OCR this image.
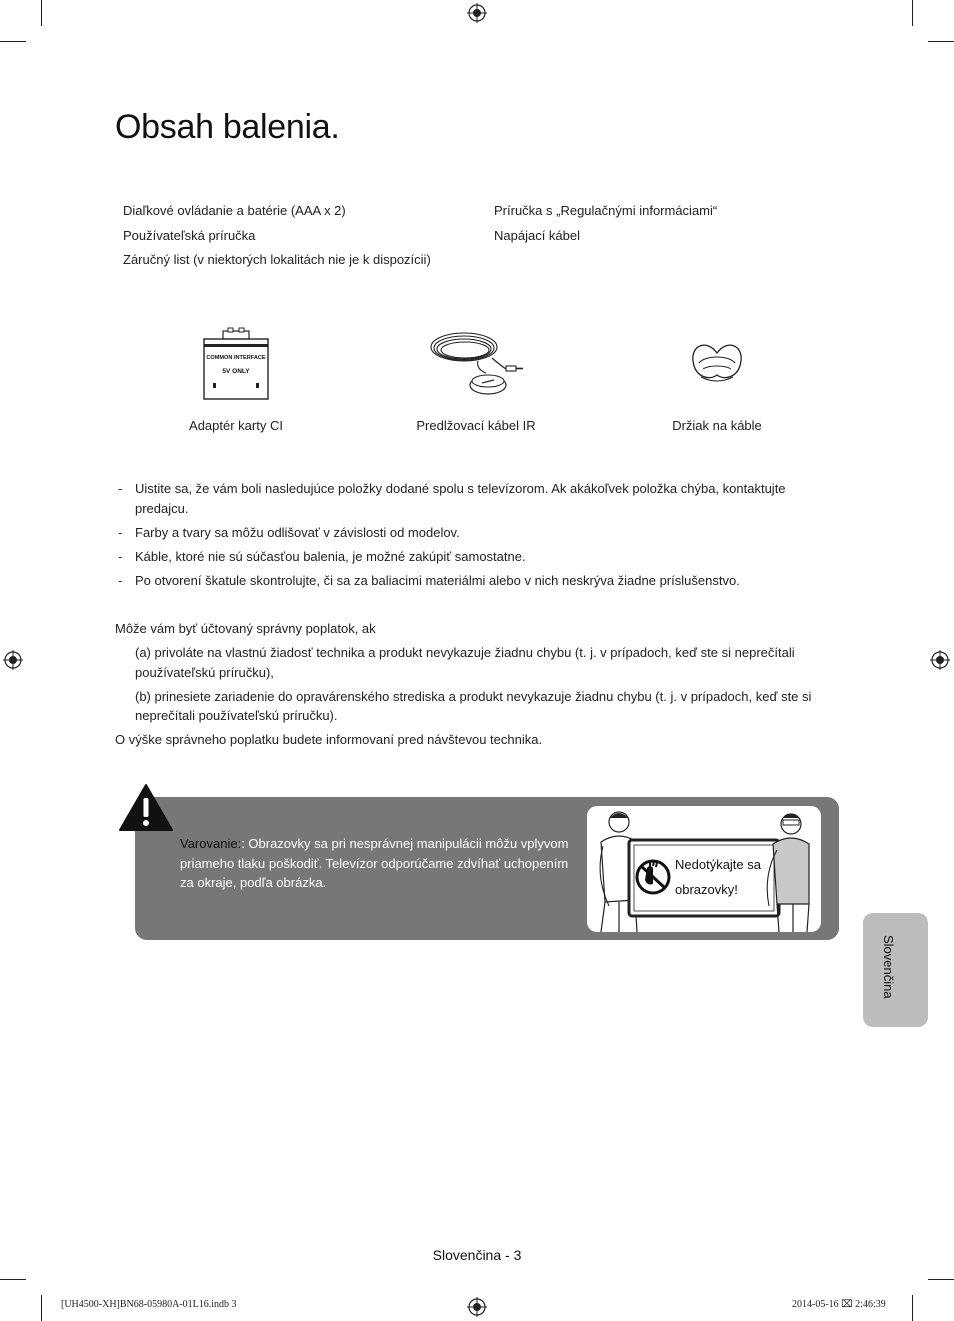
Obsah balenia.
Diaľkové ovládanie a batérie (AAA x 2)
Používateľská príručka
Záručný list (v niektorých lokalitách nie je k dispozícii)
Príručka s „Regulačnými informáciami“
Napájací kábel
COMMON INTERFACE
5V ONLY
Adaptér karty CI	Predlžovací kábel IR	Držiak na káble
- Uistite sa, že vám boli nasledujúce položky dodané spolu s televízorom. Ak akákoľvek položka chýba, kontaktujte predajcu.
- Farby a tvary sa môžu odlišovať v závislosti od modelov.
- Káble, ktoré nie sú súčasťou balenia, je možné zakúpiť samostatne.
- Po otvorení škatule skontrolujte, či sa za baliacimi materiálmi alebo v nich neskrýva žiadne príslušenstvo.
Môže vám byť účtovaný správny poplatok, ak
(a) privoláte na vlastnú žiadosť technika a produkt nevykazuje žiadnu chybu (t. j. v prípadoch, keď ste si neprečítali používateľskú príručku),
(b) prinesiete zariadenie do opravárenského strediska a produkt nevykazuje žiadnu chybu (t. j. v prípadoch, keď ste si neprečítali používateľskú príručku).
O výške správneho poplatku budete informovaní pred návštevou technika.
Varovanie:: Obrazovky sa pri nesprávnej manipulácii môžu vplyvom priameho tlaku poškodiť. Televízor odporúčame zdvíhať uchopením za okraje, podľa obrázka.
Nedotýkajte sa
obrazovky!
Slovenčina
Slovenčina - 3
[UH4500-XH]BN68-05980A-01L16.indb 3	2014-05-16 ⌧ 2:46:39
